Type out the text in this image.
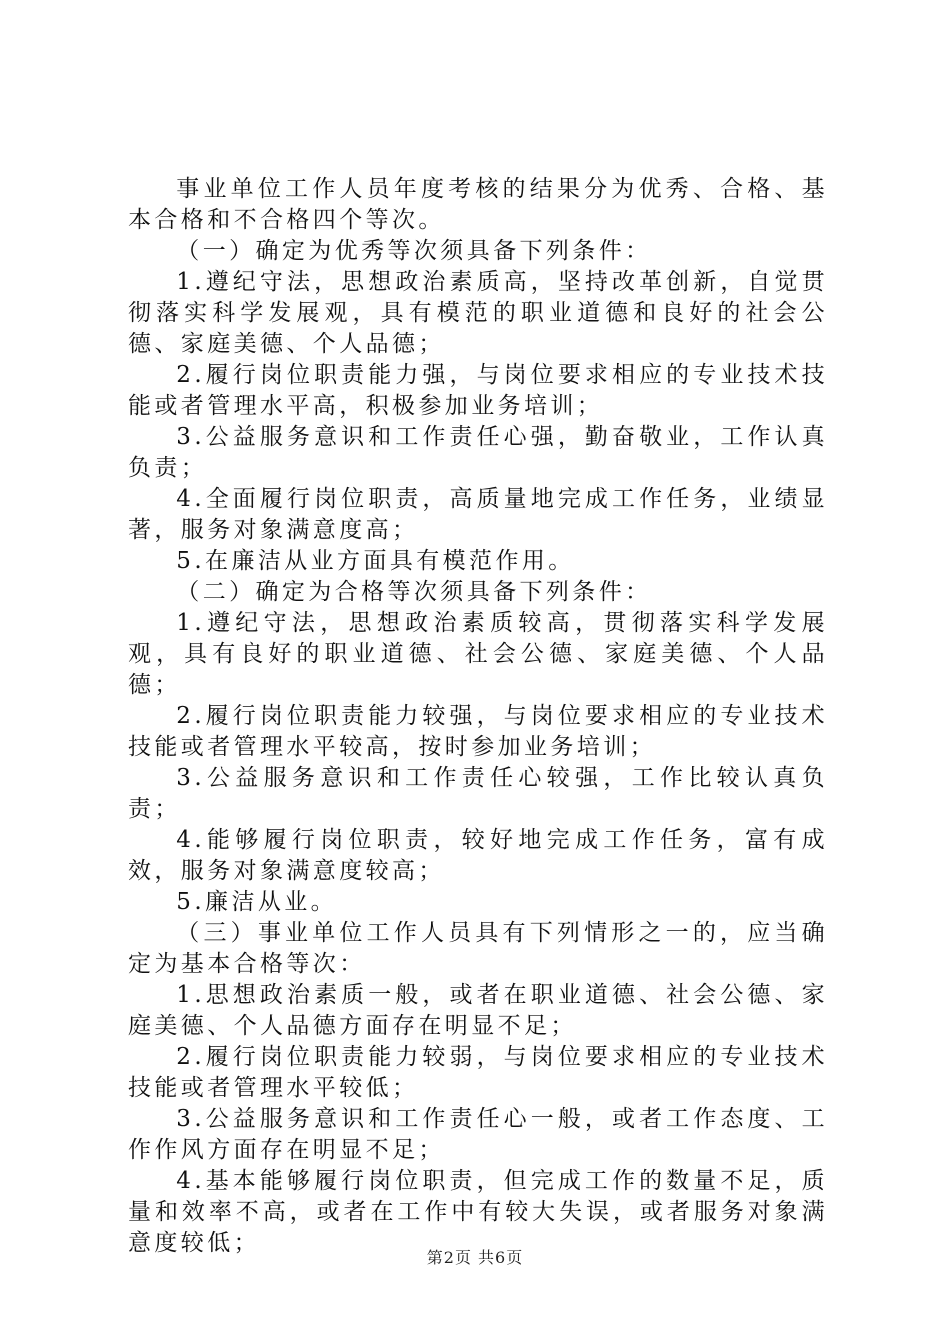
事业单位工作人员年度考核的结果分为优秀、合格、基本合格和不合格四个等次。

（一）确定为优秀等次须具备下列条件：

1.遵纪守法，思想政治素质高，坚持改革创新，自觉贯彻落实科学发展观，具有模范的职业道德和良好的社会公德、家庭美德、个人品德；

2.履行岗位职责能力强，与岗位要求相应的专业技术技能或者管理水平高，积极参加业务培训；

3.公益服务意识和工作责任心强，勤奋敬业，工作认真负责；

4.全面履行岗位职责，高质量地完成工作任务，业绩显著，服务对象满意度高；

5.在廉洁从业方面具有模范作用。

（二）确定为合格等次须具备下列条件：

1.遵纪守法，思想政治素质较高，贯彻落实科学发展观，具有良好的职业道德、社会公德、家庭美德、个人品德；

2.履行岗位职责能力较强，与岗位要求相应的专业技术技能或者管理水平较高，按时参加业务培训；

3.公益服务意识和工作责任心较强，工作比较认真负责；

4.能够履行岗位职责，较好地完成工作任务，富有成效，服务对象满意度较高；

5.廉洁从业。

（三）事业单位工作人员具有下列情形之一的，应当确定为基本合格等次：

1.思想政治素质一般，或者在职业道德、社会公德、家庭美德、个人品德方面存在明显不足；

2.履行岗位职责能力较弱，与岗位要求相应的专业技术技能或者管理水平较低；

3.公益服务意识和工作责任心一般，或者工作态度、工作作风方面存在明显不足；

4.基本能够履行岗位职责，但完成工作的数量不足，质量和效率不高，或者在工作中有较大失误，或者服务对象满意度较低；

第2页 共6页
